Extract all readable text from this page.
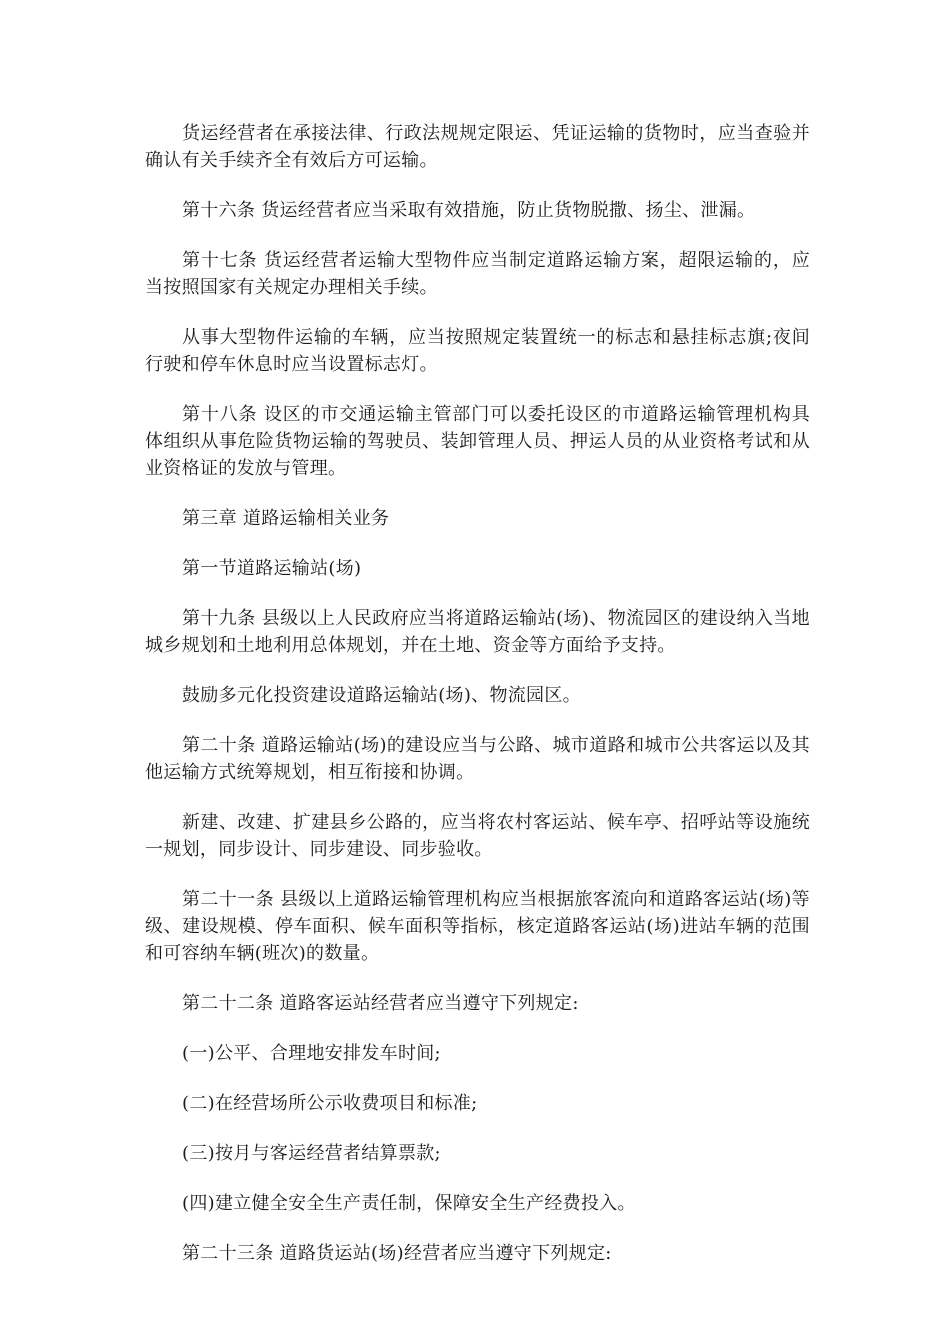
货运经营者在承接法律、行政法规规定限运、凭证运输的货物时，应当查验并确认有关手续齐全有效后方可运输。

第十六条 货运经营者应当采取有效措施，防止货物脱撒、扬尘、泄漏。

第十七条 货运经营者运输大型物件应当制定道路运输方案，超限运输的，应当按照国家有关规定办理相关手续。

从事大型物件运输的车辆，应当按照规定装置统一的标志和悬挂标志旗;夜间行驶和停车休息时应当设置标志灯。

第十八条 设区的市交通运输主管部门可以委托设区的市道路运输管理机构具体组织从事危险货物运输的驾驶员、装卸管理人员、押运人员的从业资格考试和从业资格证的发放与管理。

第三章 道路运输相关业务

第一节道路运输站(场)

第十九条 县级以上人民政府应当将道路运输站(场)、物流园区的建设纳入当地城乡规划和土地利用总体规划，并在土地、资金等方面给予支持。

鼓励多元化投资建设道路运输站(场)、物流园区。

第二十条 道路运输站(场)的建设应当与公路、城市道路和城市公共客运以及其他运输方式统筹规划，相互衔接和协调。

新建、改建、扩建县乡公路的，应当将农村客运站、候车亭、招呼站等设施统一规划，同步设计、同步建设、同步验收。

第二十一条 县级以上道路运输管理机构应当根据旅客流向和道路客运站(场)等级、建设规模、停车面积、候车面积等指标，核定道路客运站(场)进站车辆的范围和可容纳车辆(班次)的数量。

第二十二条 道路客运站经营者应当遵守下列规定:

(一)公平、合理地安排发车时间;

(二)在经营场所公示收费项目和标准;

(三)按月与客运经营者结算票款;

(四)建立健全安全生产责任制，保障安全生产经费投入。

第二十三条 道路货运站(场)经营者应当遵守下列规定:
